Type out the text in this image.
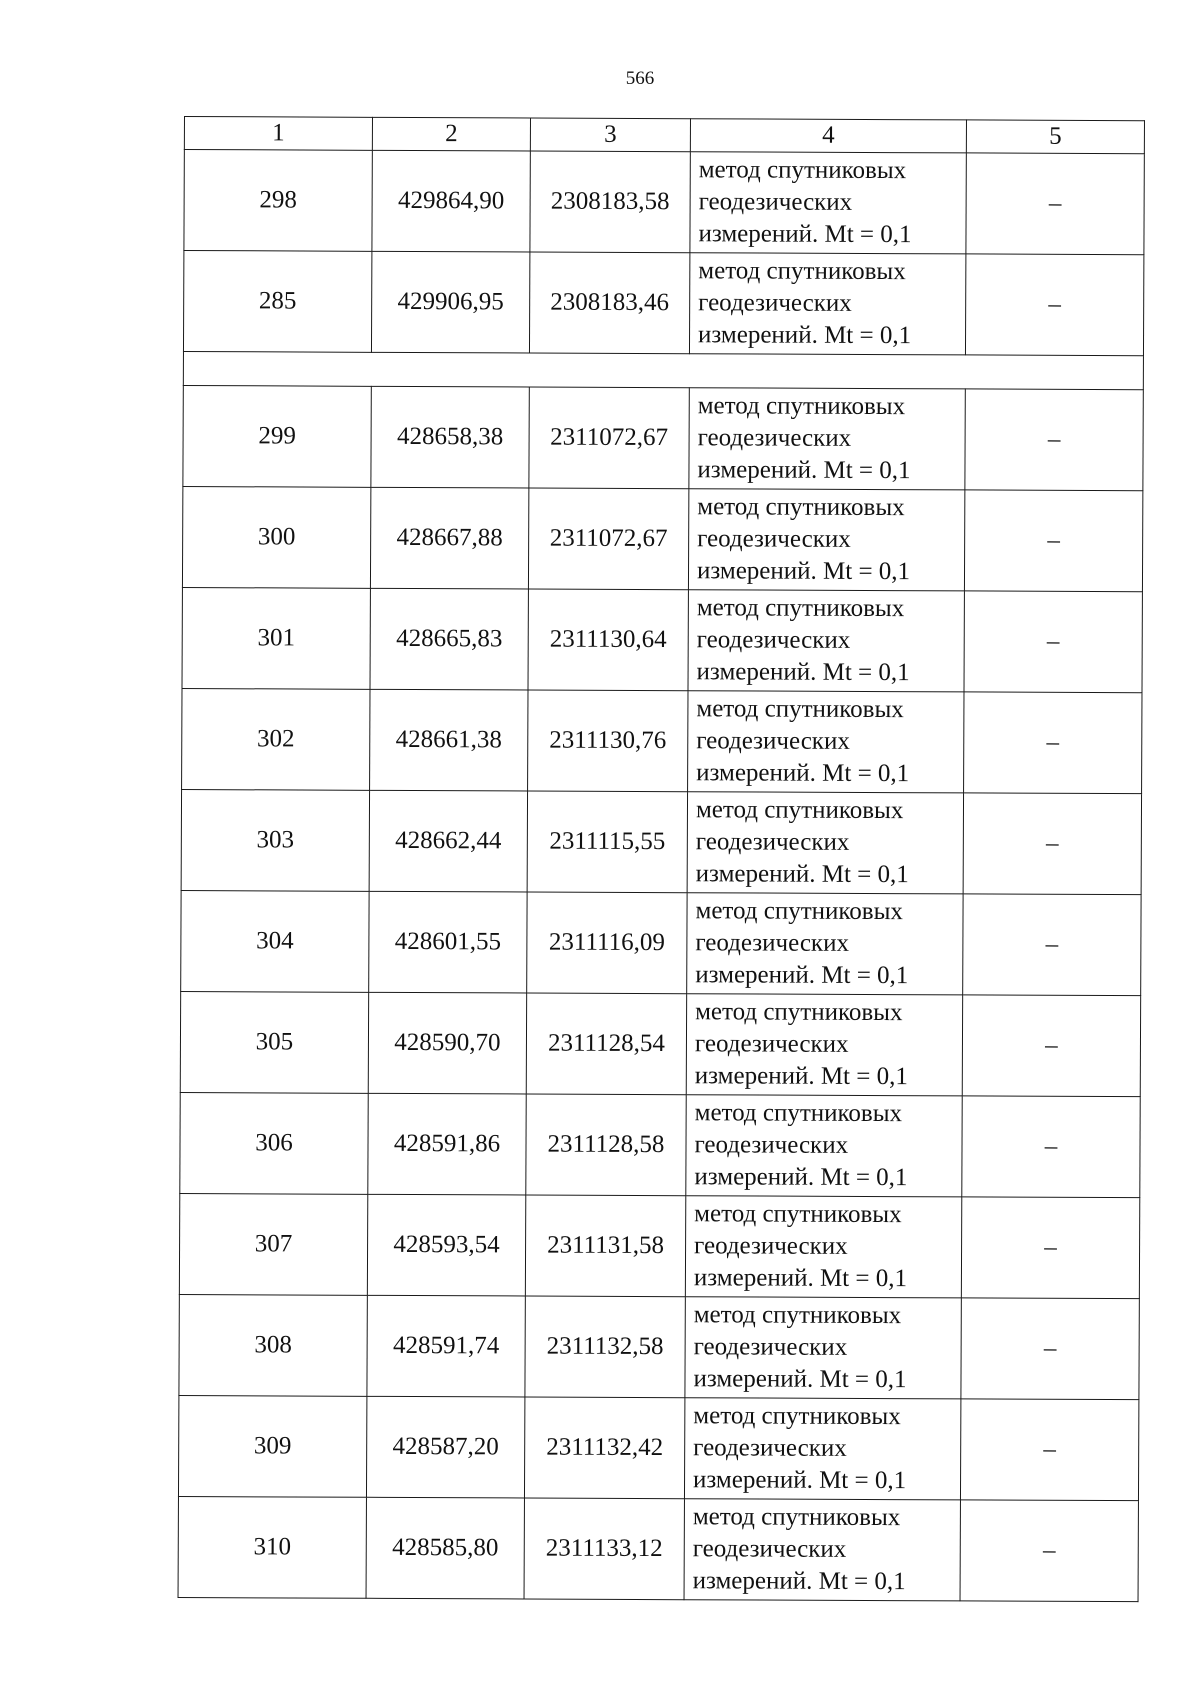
566
1	2	3	4	5
298	429864,90	2308183,58	метод спутниковых
геодезических
измерений. Mt = 0,1	–
285	429906,95	2308183,46	метод спутниковых
геодезических
измерений. Mt = 0,1	–

299	428658,38	2311072,67	метод спутниковых
геодезических
измерений. Mt = 0,1	–
300	428667,88	2311072,67	метод спутниковых
геодезических
измерений. Mt = 0,1	–
301	428665,83	2311130,64	метод спутниковых
геодезических
измерений. Mt = 0,1	–
302	428661,38	2311130,76	метод спутниковых
геодезических
измерений. Mt = 0,1	–
303	428662,44	2311115,55	метод спутниковых
геодезических
измерений. Mt = 0,1	–
304	428601,55	2311116,09	метод спутниковых
геодезических
измерений. Mt = 0,1	–
305	428590,70	2311128,54	метод спутниковых
геодезических
измерений. Mt = 0,1	–
306	428591,86	2311128,58	метод спутниковых
геодезических
измерений. Mt = 0,1	–
307	428593,54	2311131,58	метод спутниковых
геодезических
измерений. Mt = 0,1	–
308	428591,74	2311132,58	метод спутниковых
геодезических
измерений. Mt = 0,1	–
309	428587,20	2311132,42	метод спутниковых
геодезических
измерений. Mt = 0,1	–
310	428585,80	2311133,12	метод спутниковых
геодезических
измерений. Mt = 0,1	–
